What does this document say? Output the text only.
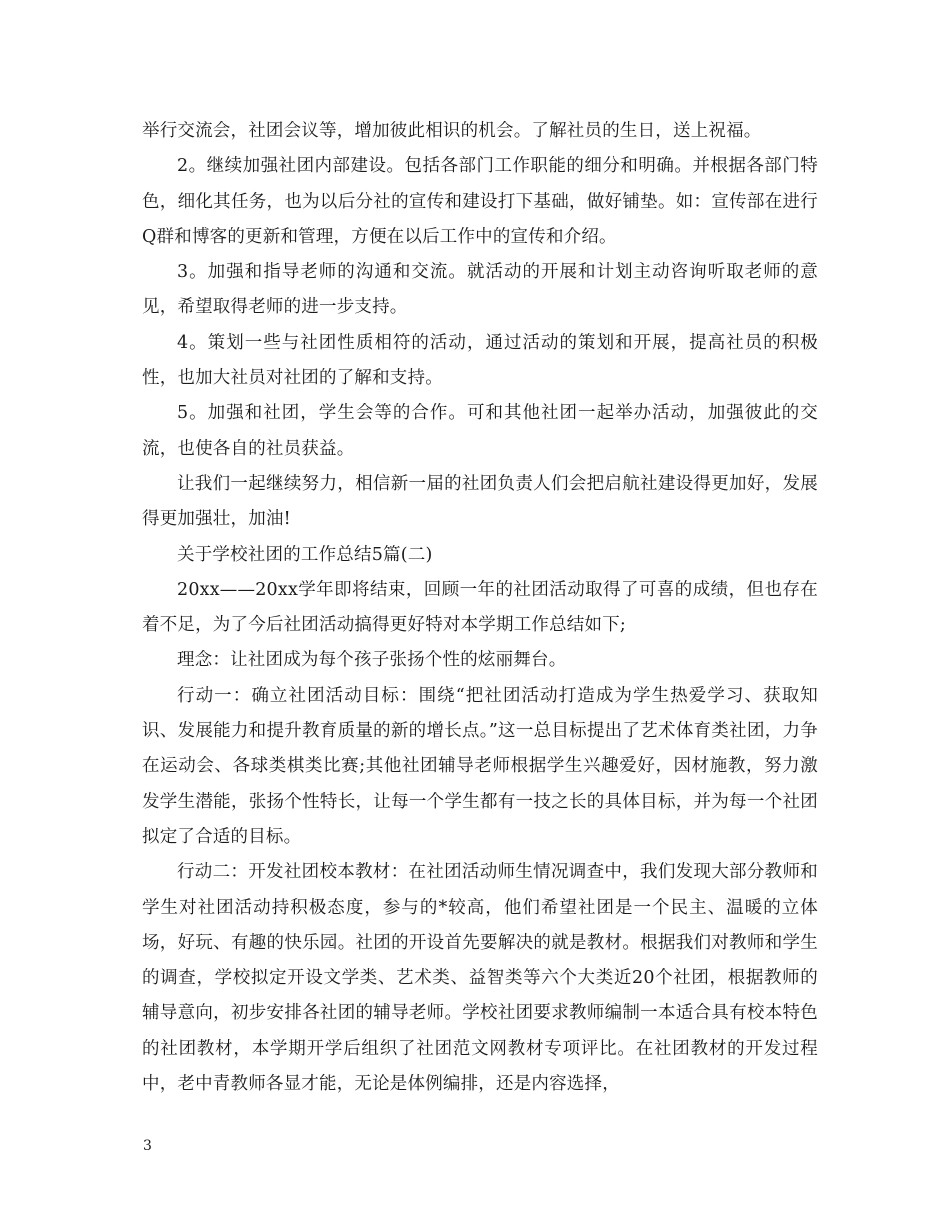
举行交流会，社团会议等，增加彼此相识的机会。了解社员的生日，送上祝福。

2。继续加强社团内部建设。包括各部门工作职能的细分和明确。并根据各部门特色，细化其任务，也为以后分社的宣传和建设打下基础，做好铺垫。如：宣传部在进行Q群和博客的更新和管理，方便在以后工作中的宣传和介绍。

3。加强和指导老师的沟通和交流。就活动的开展和计划主动咨询听取老师的意见，希望取得老师的进一步支持。

4。策划一些与社团性质相符的活动，通过活动的策划和开展，提高社员的积极性，也加大社员对社团的了解和支持。

5。加强和社团，学生会等的合作。可和其他社团一起举办活动，加强彼此的交流，也使各自的社员获益。

让我们一起继续努力，相信新一届的社团负责人们会把启航社建设得更加好，发展得更加强壮，加油!

关于学校社团的工作总结5篇(二)

20xx——20xx学年即将结束，回顾一年的社团活动取得了可喜的成绩，但也存在着不足，为了今后社团活动搞得更好特对本学期工作总结如下;

理念：让社团成为每个孩子张扬个性的炫丽舞台。

行动一：确立社团活动目标：围绕“把社团活动打造成为学生热爱学习、获取知识、发展能力和提升教育质量的新的增长点。”这一总目标提出了艺术体育类社团，力争在运动会、各球类棋类比赛;其他社团辅导老师根据学生兴趣爱好，因材施教，努力激发学生潜能，张扬个性特长，让每一个学生都有一技之长的具体目标，并为每一个社团拟定了合适的目标。

行动二：开发社团校本教材：在社团活动师生情况调查中，我们发现大部分教师和学生对社团活动持积极态度，参与的*较高，他们希望社团是一个民主、温暖的立体场，好玩、有趣的快乐园。社团的开设首先要解决的就是教材。根据我们对教师和学生的调查，学校拟定开设文学类、艺术类、益智类等六个大类近20个社团，根据教师的辅导意向，初步安排各社团的辅导老师。学校社团要求教师编制一本适合具有校本特色的社团教材，本学期开学后组织了社团范文网教材专项评比。在社团教材的开发过程中，老中青教师各显才能，无论是体例编排，还是内容选择，

3
